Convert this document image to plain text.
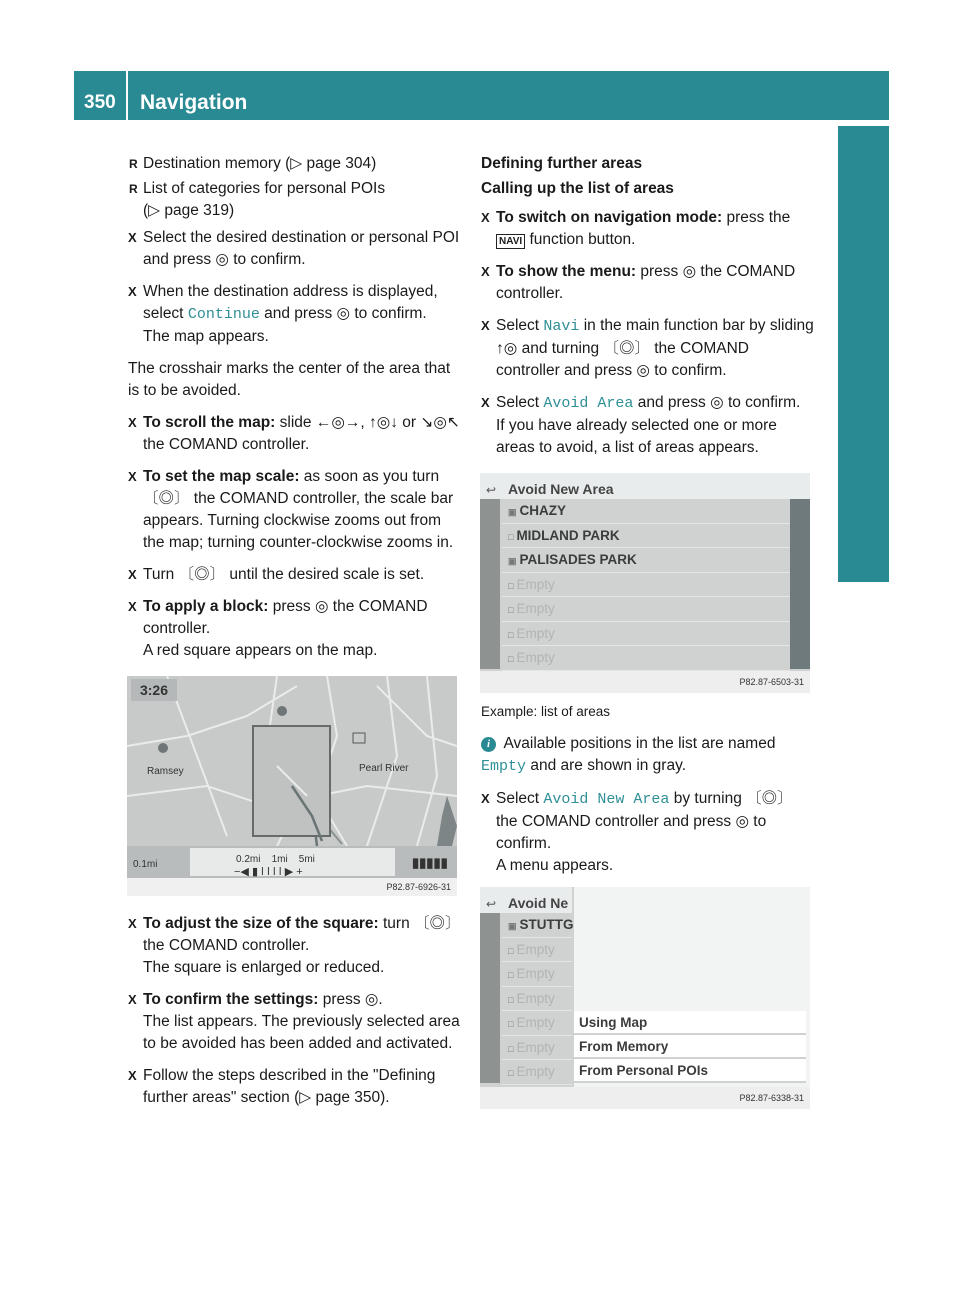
350 Navigation
COMAND
R Destination memory (▷ page 304)
R List of categories for personal POIs
(▷ page 319)
X Select the desired destination or personal POI and press ◎ to confirm.
X When the destination address is displayed, select Continue and press ◎ to confirm.
The map appears.

The crosshair marks the center of the area that is to be avoided.

X To scroll the map: slide ←◎→, ↑◎↓ or ↘◎↖ the COMAND controller.
X To set the map scale: as soon as you turn 〔◎〕 the COMAND controller, the scale bar appears. Turning clockwise zooms out from the map; turning counter-clockwise zooms in.
X Turn 〔◎〕 until the desired scale is set.
X To apply a block: press ◎ the COMAND controller.
A red square appears on the map.
3:26
Ramsey	Pearl River
0.1mi	▮▮▮▮▮
0.2mi    1mi    5mi
−◀ ▮ ǀ ǀ ǀ ǀ ▶ +
P82.87-6926-31
X To adjust the size of the square: turn 〔◎〕 the COMAND controller.
The square is enlarged or reduced.
X To confirm the settings: press ◎.
The list appears. The previously selected area to be avoided has been added and activated.
X Follow the steps described in the "Defining further areas" section (▷ page 350).
Defining further areas
Calling up the list of areas
X To switch on navigation mode: press the NAVI function button.
X To show the menu: press ◎ the COMAND controller.
X Select Navi in the main function bar by sliding ↑◎ and turning 〔◎〕 the COMAND controller and press ◎ to confirm.
X Select Avoid Area and press ◎ to confirm.
If you have already selected one or more areas to avoid, a list of areas appears.
↩ Avoid New Area
▣ CHAZY
□ MIDLAND PARK
▣ PALISADES PARK
□ Empty
□ Empty
□ Empty
□ Empty
P82.87-6503-31

Example: list of areas

i Available positions in the list are named Empty and are shown in gray.
X Select Avoid New Area by turning 〔◎〕 the COMAND controller and press ◎ to confirm.
A menu appears.
↩ Avoid Ne
▣ STUTTG
□ Empty
□ Empty
□ Empty
□ Empty
□ Empty
□ Empty
Using Map
From Memory
From Personal POIs
P82.87-6338-31
